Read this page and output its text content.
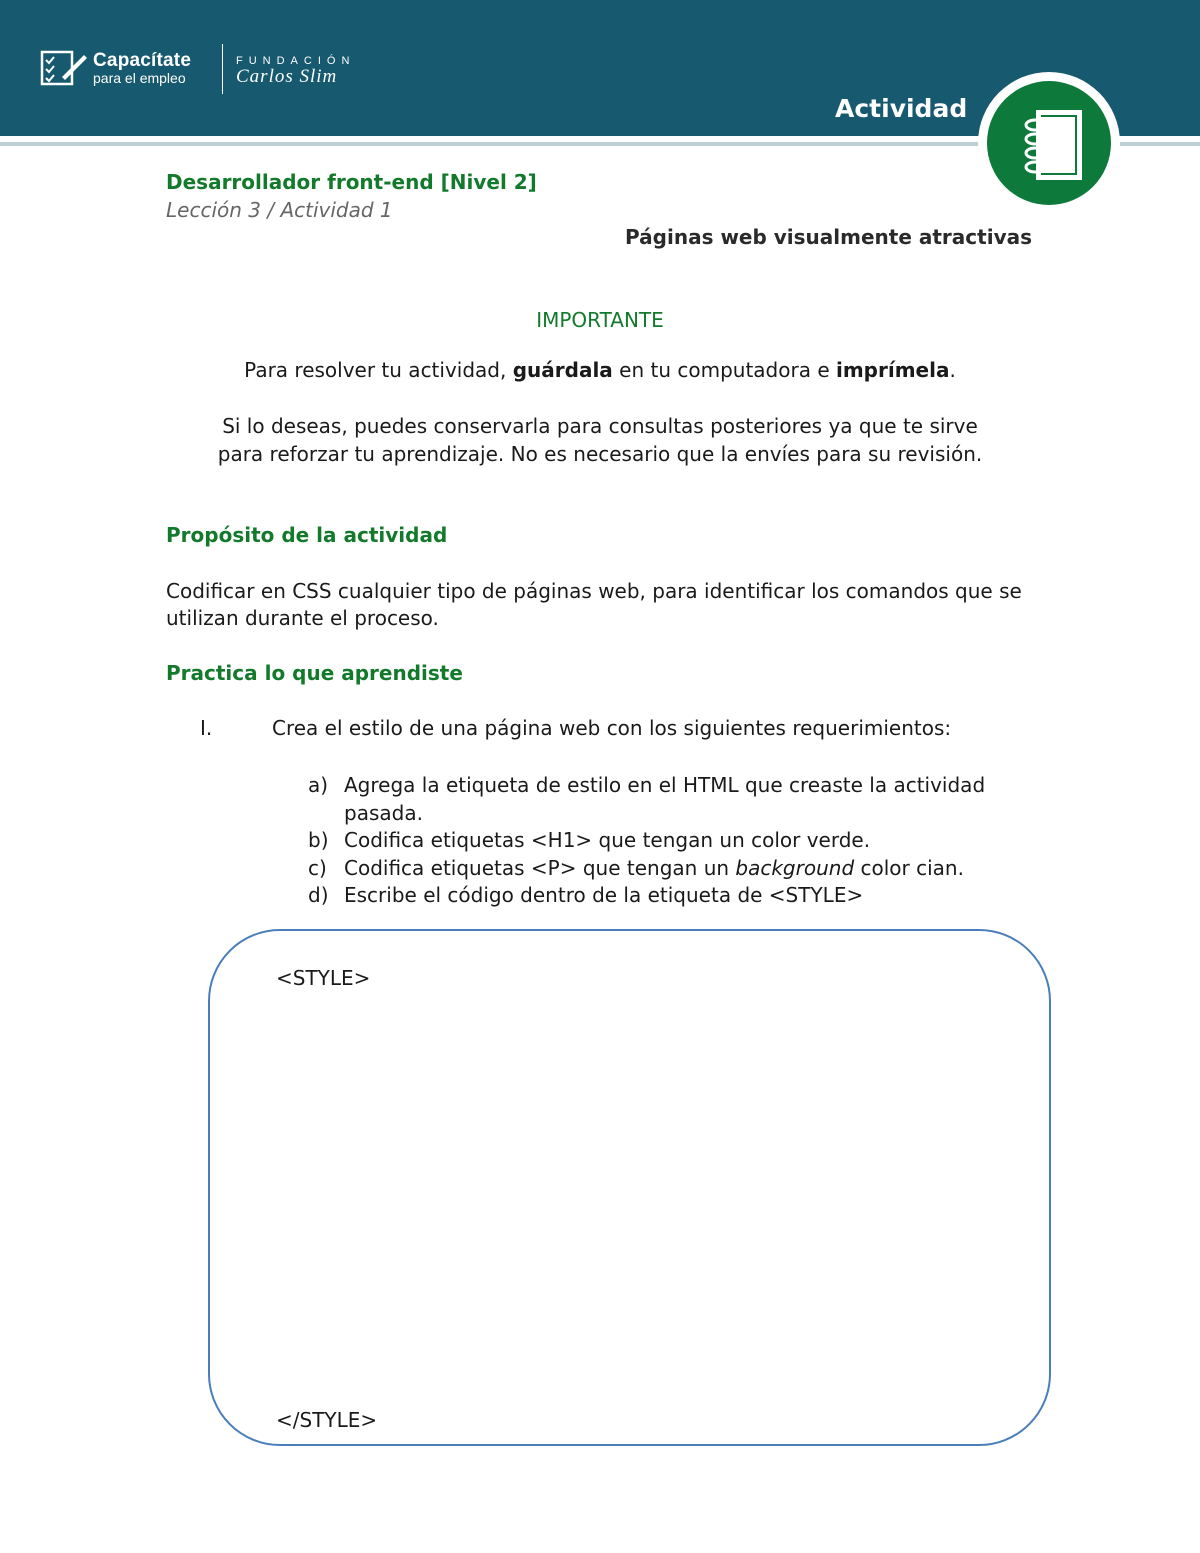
Capacítate
para el empleo
FUNDACIÓN
Carlos Slim
Actividad
Desarrollador front-end [Nivel 2]
Lección 3 / Actividad 1
Páginas web visualmente atractivas
IMPORTANTE
Para resolver tu actividad, guárdala en tu computadora e imprímela.
Si lo deseas, puedes conservarla para consultas posteriores ya que te sirve
para reforzar tu aprendizaje. No es necesario que la envíes para su revisión.
Propósito de la actividad
Codificar en CSS cualquier tipo de páginas web, para identificar los comandos que se utilizan durante el proceso.
Practica lo que aprendiste
I.	Crea el estilo de una página web con los siguientes requerimientos:
a) Agrega la etiqueta de estilo en el HTML que creaste la actividad pasada.
b) Codifica etiquetas <H1> que tengan un color verde.
c) Codifica etiquetas <P> que tengan un background color cian.
d) Escribe el código dentro de la etiqueta de <STYLE>
<STYLE>
</STYLE>
